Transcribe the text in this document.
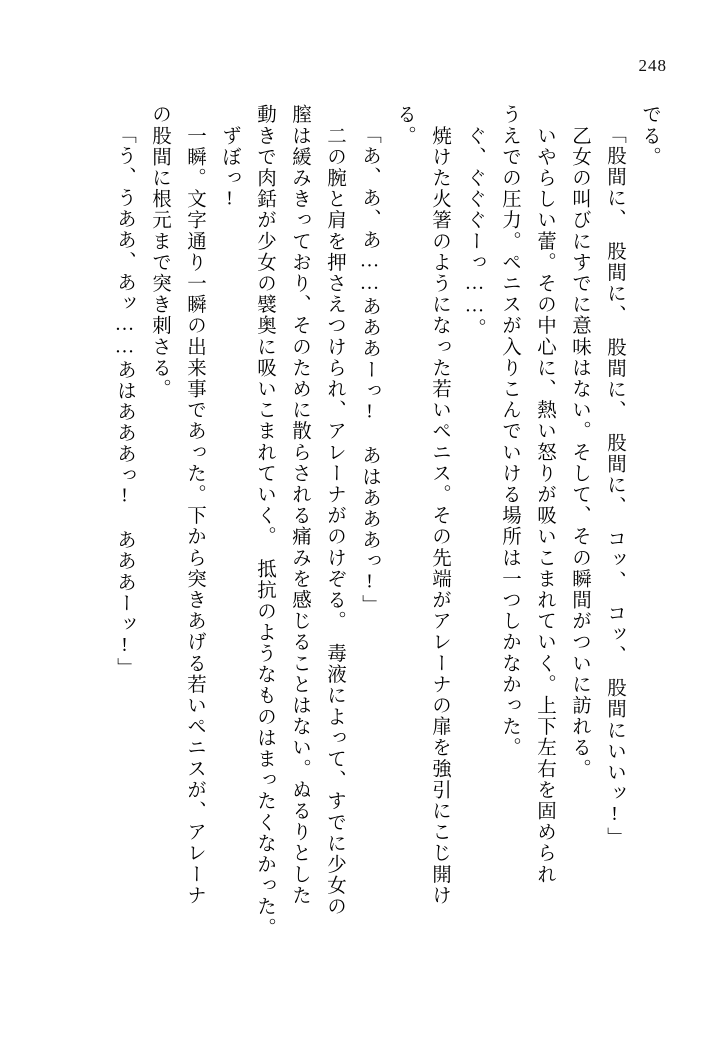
248
でる。
「股間に、　股間に、　股間に、　股間に、　コッ、　コッ、　股間にいいッ!」
　乙女の叫びにすでに意味はない。そして、その瞬間がついに訪れる。
　いやらしい蕾。その中心に、熱い怒りが吸いこまれていく。上下左右を固められ
うえでの圧力。ペニスが入りこんでいける場所は一つしかなかった。
　ぐ、ぐぐぐーっ……。
　焼けた火箸のようになった若いペニス。その先端がアレーナの扉を強引にこじ開け
る。
「あ、あ、あ……あああーっ!　あはあああっ!」
　二の腕と肩を押さえつけられ、アレーナがのけぞる。　毒液によって、すでに少女の
膣は緩みきっており、そのために散らされる痛みを感じることはない。ぬるりとした
動きで肉銛が少女の襞奥に吸いこまれていく。　抵抗のようなものはまったくなかった。
　ずぼっ!
　一瞬。文字通り一瞬の出来事であった。下から突きあげる若いペニスが、アレーナ
の股間に根元まで突き刺さる。
「う、うああ、あッ……あはあああっ!　あああーッ!」
